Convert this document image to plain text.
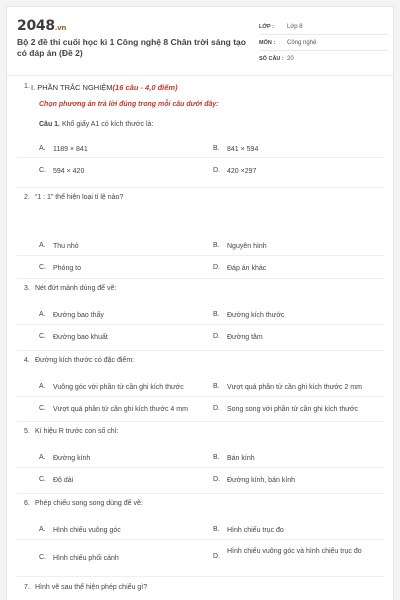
2048.vn
Bộ 2 đề thi cuối học kì 1 Công nghệ 8 Chân trời sáng tạo có đáp án (Đề 2)
LỚP :	Lớp 8
MÔN :	Công nghệ
SỐ CÂU : 20
1. I. PHẦN TRẮC NGHIỆM(16 câu - 4,0 điểm)
Chọn phương án trả lời đúng trong mỗi câu dưới đây:
Câu 1. Khổ giấy A1 có kích thước là:
A.	1189 × 841	B.	841 × 594
C.	594 × 420	D.	420 ×297
2. “1 : 1” thể hiện loại tỉ lệ nào?
A.	Thu nhỏ	B.	Nguyên hình
C.	Phóng to	D.	Đáp án khác
3. Nét đứt mảnh dùng để vẽ:
A.	Đường bao thấy	B.	Đường kích thước
C.	Đường bao khuất	D.	Đường tâm
4. Đường kích thước có đặc điểm:
A.	Vuông góc với phần tử cần ghi kích thước	B.	Vượt quá phần tử cần ghi kích thước 2 mm
C.	Vượt quá phần tử cần ghi kích thước 4 mm	D.	Song song với phần tử cần ghi kích thước
5. Kí hiệu R trước con số chỉ:
A.	Đường kính	B.	Bán kính
C.	Độ dài	D.	Đường kính, bán kính
6. Phép chiếu song song dùng để vẽ:
A.	Hình chiếu vuông góc	B.	Hình chiếu trục đo
C.	Hình chiếu phối cảnh	D.
Hình chiếu vuông góc và hình chiếu trục đo
7. Hình vẽ sau thể hiện phép chiếu gì?
